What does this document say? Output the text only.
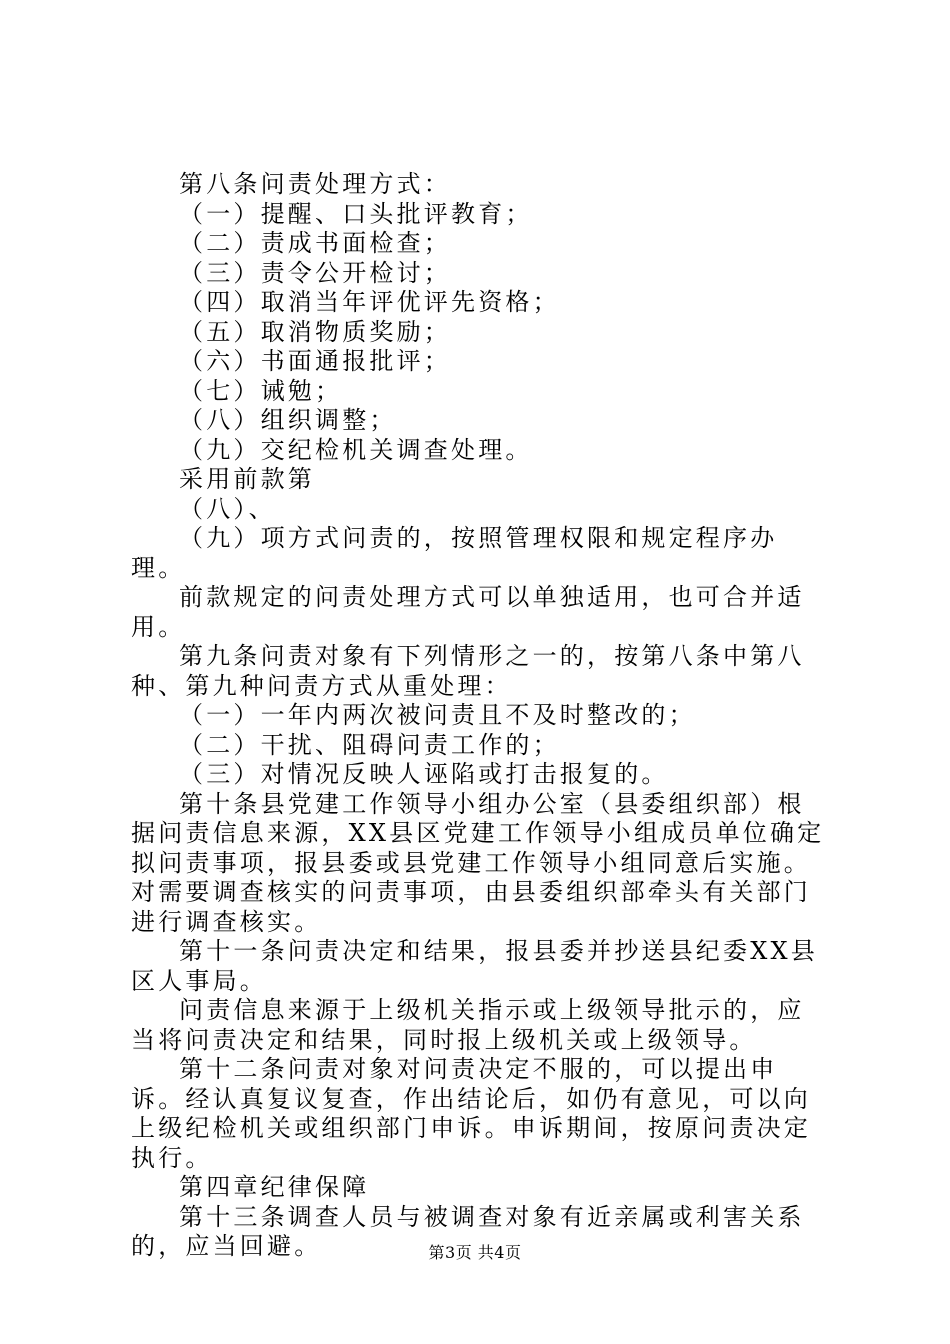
第八条问责处理方式：

（一）提醒、口头批评教育；

（二）责成书面检查；

（三）责令公开检讨；

（四）取消当年评优评先资格；

（五）取消物质奖励；

（六）书面通报批评；

（七）诫勉；

（八）组织调整；

（九）交纪检机关调查处理。

采用前款第

（八）、

（九）项方式问责的，按照管理权限和规定程序办理。

前款规定的问责处理方式可以单独适用，也可合并适用。

第九条问责对象有下列情形之一的，按第八条中第八种、第九种问责方式从重处理：

（一）一年内两次被问责且不及时整改的；

（二）干扰、阻碍问责工作的；

（三）对情况反映人诬陷或打击报复的。

第十条县党建工作领导小组办公室（县委组织部）根据问责信息来源，XX县区党建工作领导小组成员单位确定拟问责事项，报县委或县党建工作领导小组同意后实施。对需要调查核实的问责事项，由县委组织部牵头有关部门进行调查核实。

第十一条问责决定和结果，报县委并抄送县纪委XX县区人事局。

问责信息来源于上级机关指示或上级领导批示的，应当将问责决定和结果，同时报上级机关或上级领导。

第十二条问责对象对问责决定不服的，可以提出申诉。经认真复议复查，作出结论后，如仍有意见，可以向上级纪检机关或组织部门申诉。申诉期间，按原问责决定执行。

第四章纪律保障

第十三条调查人员与被调查对象有近亲属或利害关系的，应当回避。	第3页 共4页
